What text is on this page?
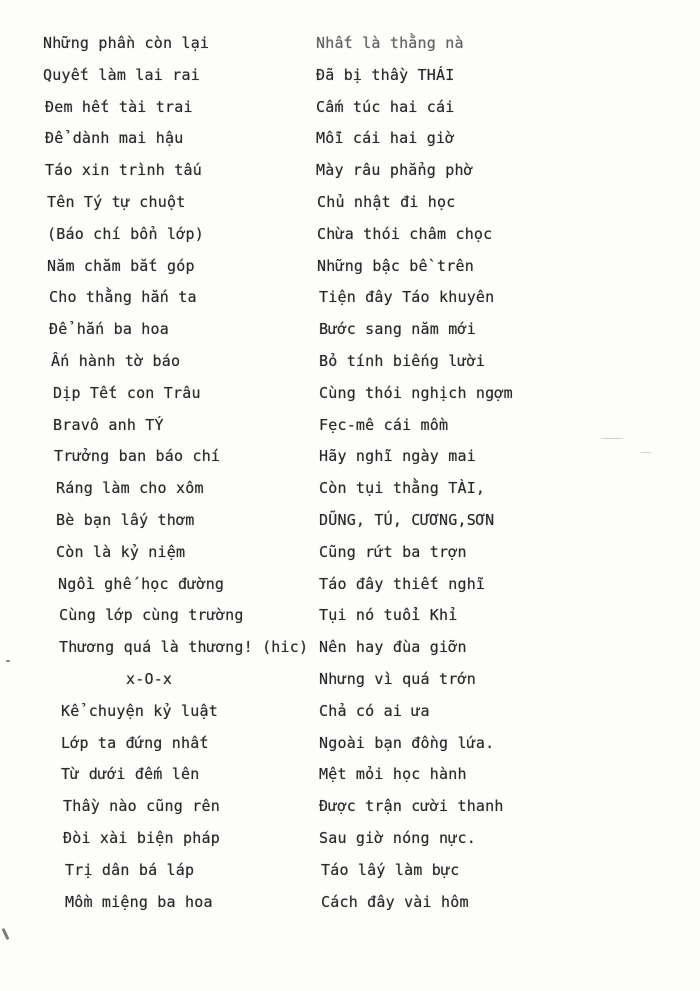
Những phần còn lại
Quyết làm lai rai
Đem hết tài trai
Để dành mai hậu
Táo xin trình tấu
Tên Tý tự chuột
(Báo chí bổn lớp)
Năm chăm bắt góp
Cho thằng hắn ta
Để hắn ba hoa
Ấn hành tờ báo
Dịp Tết con Trâu
Bravô anh TÝ
Trưởng ban báo chí
Ráng làm cho xôm
Bè bạn lấy thơm
Còn là kỷ niệm
Ngồi ghế học đường
Cùng lớp cùng trường
Thương quá là thương! (hic)
x-O-x
Kể chuyện kỷ luật
Lớp ta đứng nhất
Từ dưới đếm lên
Thầy nào cũng rên
Đòi xài biện pháp
Trị dân bá láp
Mồm miệng ba hoa
Nhất là thằng nà
Đã bị thầy THÁI
Cấm túc hai cái
Mỗi cái hai giờ
Mày râu phẳng phờ
Chủ nhật đi học
Chừa thói châm chọc
Những bậc bề trên
Tiện đây Táo khuyên
Bước sang năm mới
Bỏ tính biếng lười
Cùng thói nghịch ngợm
Fẹc-mê cái mồm
Hãy nghĩ ngày mai
Còn tụi thằng TÀI,
DŨNG, TÚ, CƯƠNG,SƠN
Cũng rứt ba trợn
Táo đây thiết nghĩ
Tụi nó tuổi Khỉ
Nên hay đùa giỡn
Nhưng vì quá trớn
Chả có ai ưa
Ngoài bạn đồng lứa.
Mệt mỏi học hành
Được trận cười thanh
Sau giờ nóng nực.
Táo lấy làm bực
Cách đây vài hôm
